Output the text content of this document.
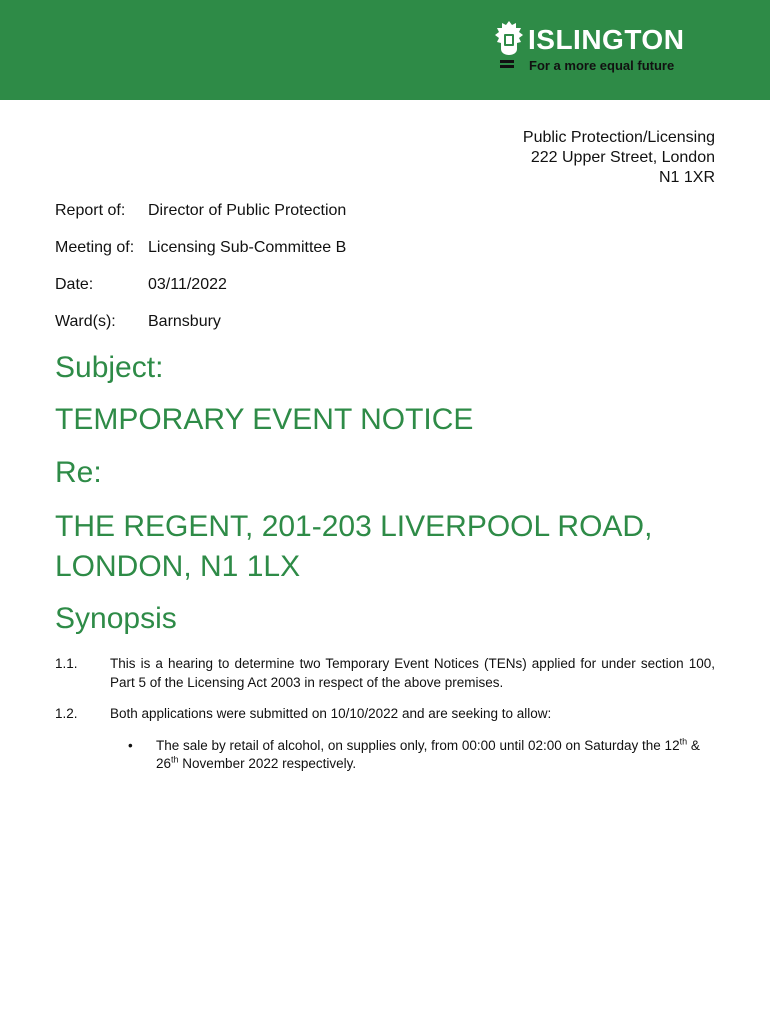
ISLINGTON
For a more equal future
Public Protection/Licensing
222 Upper Street, London
N1 1XR
Report of: Director of Public Protection
Meeting of: Licensing Sub-Committee B
Date:	03/11/2022
Ward(s): Barnsbury
Subject:
TEMPORARY EVENT NOTICE
Re:
THE REGENT, 201-203 LIVERPOOL ROAD,
LONDON, N1 1LX
Synopsis
1.1. This is a hearing to determine two Temporary Event Notices (TENs) applied for under section 100, Part 5 of the Licensing Act 2003 in respect of the above premises.
1.2. Both applications were submitted on 10/10/2022 and are seeking to allow:
• The sale by retail of alcohol, on supplies only, from 00:00 until 02:00 on Saturday the 12th & 26th November 2022 respectively.
